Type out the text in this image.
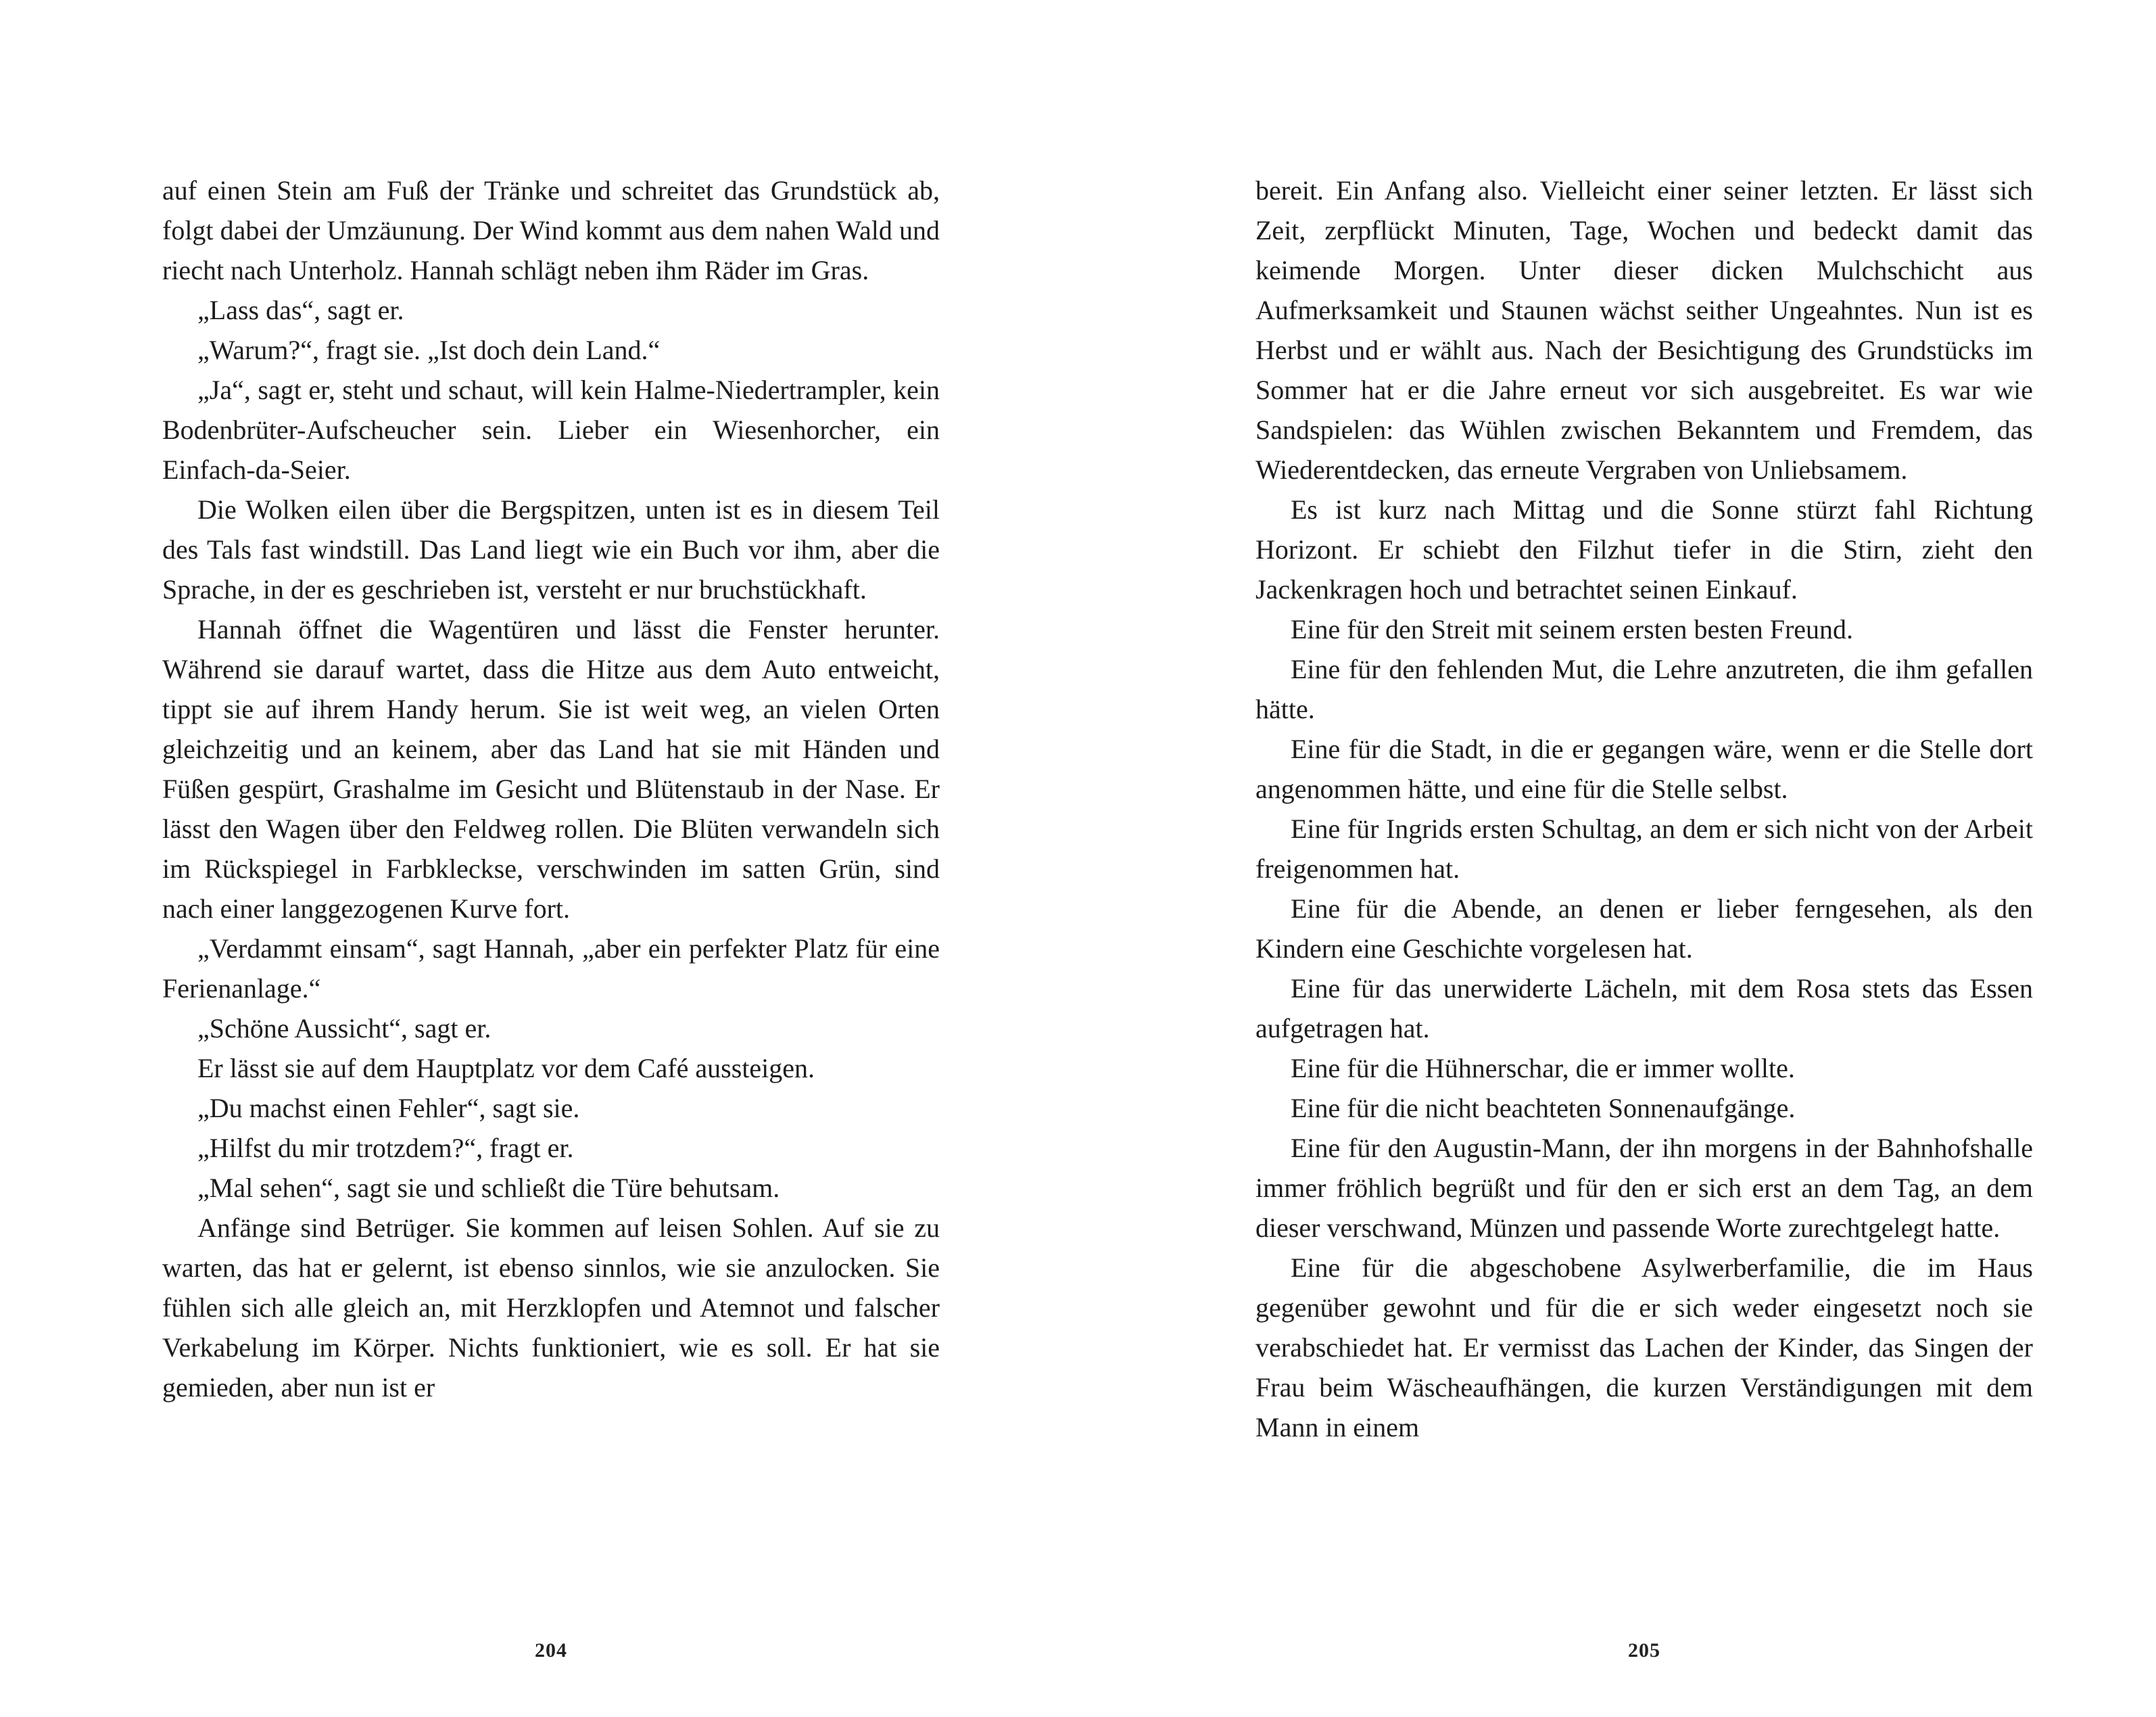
auf einen Stein am Fuß der Tränke und schreitet das Grundstück ab, folgt dabei der Umzäunung. Der Wind kommt aus dem nahen Wald und riecht nach Unterholz. Hannah schlägt neben ihm Räder im Gras.

„Lass das“, sagt er.

„Warum?“, fragt sie. „Ist doch dein Land.“

„Ja“, sagt er, steht und schaut, will kein Halme-Niedertrampler, kein Bodenbrüter-Aufscheucher sein. Lieber ein Wiesenhorcher, ein Einfach-da-Seier.

Die Wolken eilen über die Bergspitzen, unten ist es in diesem Teil des Tals fast windstill. Das Land liegt wie ein Buch vor ihm, aber die Sprache, in der es geschrieben ist, versteht er nur bruchstückhaft.

Hannah öffnet die Wagentüren und lässt die Fenster herunter. Während sie darauf wartet, dass die Hitze aus dem Auto entweicht, tippt sie auf ihrem Handy herum. Sie ist weit weg, an vielen Orten gleichzeitig und an keinem, aber das Land hat sie mit Händen und Füßen gespürt, Grashalme im Gesicht und Blütenstaub in der Nase. Er lässt den Wagen über den Feldweg rollen. Die Blüten verwandeln sich im Rückspiegel in Farbkleckse, verschwinden im satten Grün, sind nach einer langgezogenen Kurve fort.

„Verdammt einsam“, sagt Hannah, „aber ein perfekter Platz für eine Ferienanlage.“

„Schöne Aussicht“, sagt er.

Er lässt sie auf dem Hauptplatz vor dem Café aussteigen.

„Du machst einen Fehler“, sagt sie.

„Hilfst du mir trotzdem?“, fragt er.

„Mal sehen“, sagt sie und schließt die Türe behutsam.

Anfänge sind Betrüger. Sie kommen auf leisen Sohlen. Auf sie zu warten, das hat er gelernt, ist ebenso sinnlos, wie sie anzulocken. Sie fühlen sich alle gleich an, mit Herzklopfen und Atemnot und falscher Verkabelung im Körper. Nichts funktioniert, wie es soll. Er hat sie gemieden, aber nun ist er

bereit. Ein Anfang also. Vielleicht einer seiner letzten. Er lässt sich Zeit, zerpflückt Minuten, Tage, Wochen und bedeckt damit das keimende Morgen. Unter dieser dicken Mulchschicht aus Aufmerksamkeit und Staunen wächst seither Ungeahntes. Nun ist es Herbst und er wählt aus. Nach der Besichtigung des Grundstücks im Sommer hat er die Jahre erneut vor sich ausgebreitet. Es war wie Sandspielen: das Wühlen zwischen Bekanntem und Fremdem, das Wiederentdecken, das erneute Vergraben von Unliebsamem.

Es ist kurz nach Mittag und die Sonne stürzt fahl Richtung Horizont. Er schiebt den Filzhut tiefer in die Stirn, zieht den Jackenkragen hoch und betrachtet seinen Einkauf.

Eine für den Streit mit seinem ersten besten Freund.

Eine für den fehlenden Mut, die Lehre anzutreten, die ihm gefallen hätte.

Eine für die Stadt, in die er gegangen wäre, wenn er die Stelle dort angenommen hätte, und eine für die Stelle selbst.

Eine für Ingrids ersten Schultag, an dem er sich nicht von der Arbeit freigenommen hat.

Eine für die Abende, an denen er lieber ferngesehen, als den Kindern eine Geschichte vorgelesen hat.

Eine für das unerwiderte Lächeln, mit dem Rosa stets das Essen aufgetragen hat.

Eine für die Hühnerschar, die er immer wollte.

Eine für die nicht beachteten Sonnenaufgänge.

Eine für den Augustin-Mann, der ihn morgens in der Bahnhofshalle immer fröhlich begrüßt und für den er sich erst an dem Tag, an dem dieser verschwand, Münzen und passende Worte zurechtgelegt hatte.

Eine für die abgeschobene Asylwerberfamilie, die im Haus gegenüber gewohnt und für die er sich weder eingesetzt noch sie verabschiedet hat. Er vermisst das Lachen der Kinder, das Singen der Frau beim Wäscheaufhängen, die kurzen Verständigungen mit dem Mann in einem

204	205
